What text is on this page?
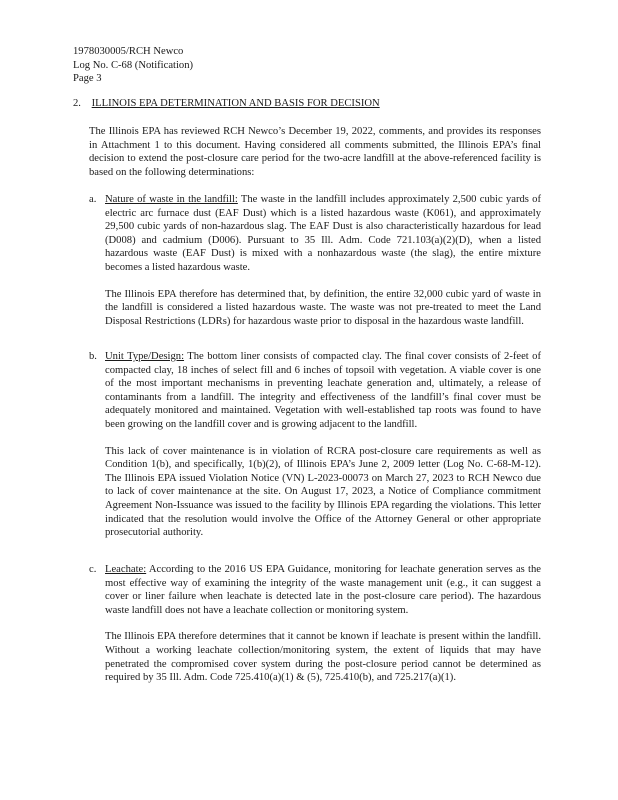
1978030005/RCH Newco
Log No. C-68 (Notification)
Page 3
2. ILLINOIS EPA DETERMINATION AND BASIS FOR DECISION

The Illinois EPA has reviewed RCH Newco’s December 19, 2022, comments, and provides its responses in Attachment 1 to this document. Having considered all comments submitted, the Illinois EPA’s final decision to extend the post-closure care period for the two-acre landfill at the above-referenced facility is based on the following determinations:

a. Nature of waste in the landfill: The waste in the landfill includes approximately 2,500 cubic yards of electric arc furnace dust (EAF Dust) which is a listed hazardous waste (K061), and approximately 29,500 cubic yards of non-hazardous slag. The EAF Dust is also characteristically hazardous for lead (D008) and cadmium (D006). Pursuant to 35 Ill. Adm. Code 721.103(a)(2)(D), when a listed hazardous waste (EAF Dust) is mixed with a nonhazardous waste (the slag), the entire mixture becomes a listed hazardous waste.

The Illinois EPA therefore has determined that, by definition, the entire 32,000 cubic yard of waste in the landfill is considered a listed hazardous waste. The waste was not pre-treated to meet the Land Disposal Restrictions (LDRs) for hazardous waste prior to disposal in the hazardous waste landfill.

b. Unit Type/Design: The bottom liner consists of compacted clay. The final cover consists of 2-feet of compacted clay, 18 inches of select fill and 6 inches of topsoil with vegetation. A viable cover is one of the most important mechanisms in preventing leachate generation and, ultimately, a release of contaminants from a landfill. The integrity and effectiveness of the landfill’s final cover must be adequately monitored and maintained. Vegetation with well-established tap roots was found to have been growing on the landfill cover and is growing adjacent to the landfill.

This lack of cover maintenance is in violation of RCRA post-closure care requirements as well as Condition 1(b), and specifically, 1(b)(2), of Illinois EPA’s June 2, 2009 letter (Log No. C-68-M-12). The Illinois EPA issued Violation Notice (VN) L-2023-00073 on March 27, 2023 to RCH Newco due to lack of cover maintenance at the site. On August 17, 2023, a Notice of Compliance commitment Agreement Non-Issuance was issued to the facility by Illinois EPA regarding the violations. This letter indicated that the resolution would involve the Office of the Attorney General or other appropriate prosecutorial authority.

c. Leachate: According to the 2016 US EPA Guidance, monitoring for leachate generation serves as the most effective way of examining the integrity of the waste management unit (e.g., it can suggest a cover or liner failure when leachate is detected late in the post-closure care period). The hazardous waste landfill does not have a leachate collection or monitoring system.

The Illinois EPA therefore determines that it cannot be known if leachate is present within the landfill. Without a working leachate collection/monitoring system, the extent of liquids that may have penetrated the compromised cover system during the post-closure period cannot be determined as required by 35 Ill. Adm. Code 725.410(a)(1) & (5), 725.410(b), and 725.217(a)(1).
